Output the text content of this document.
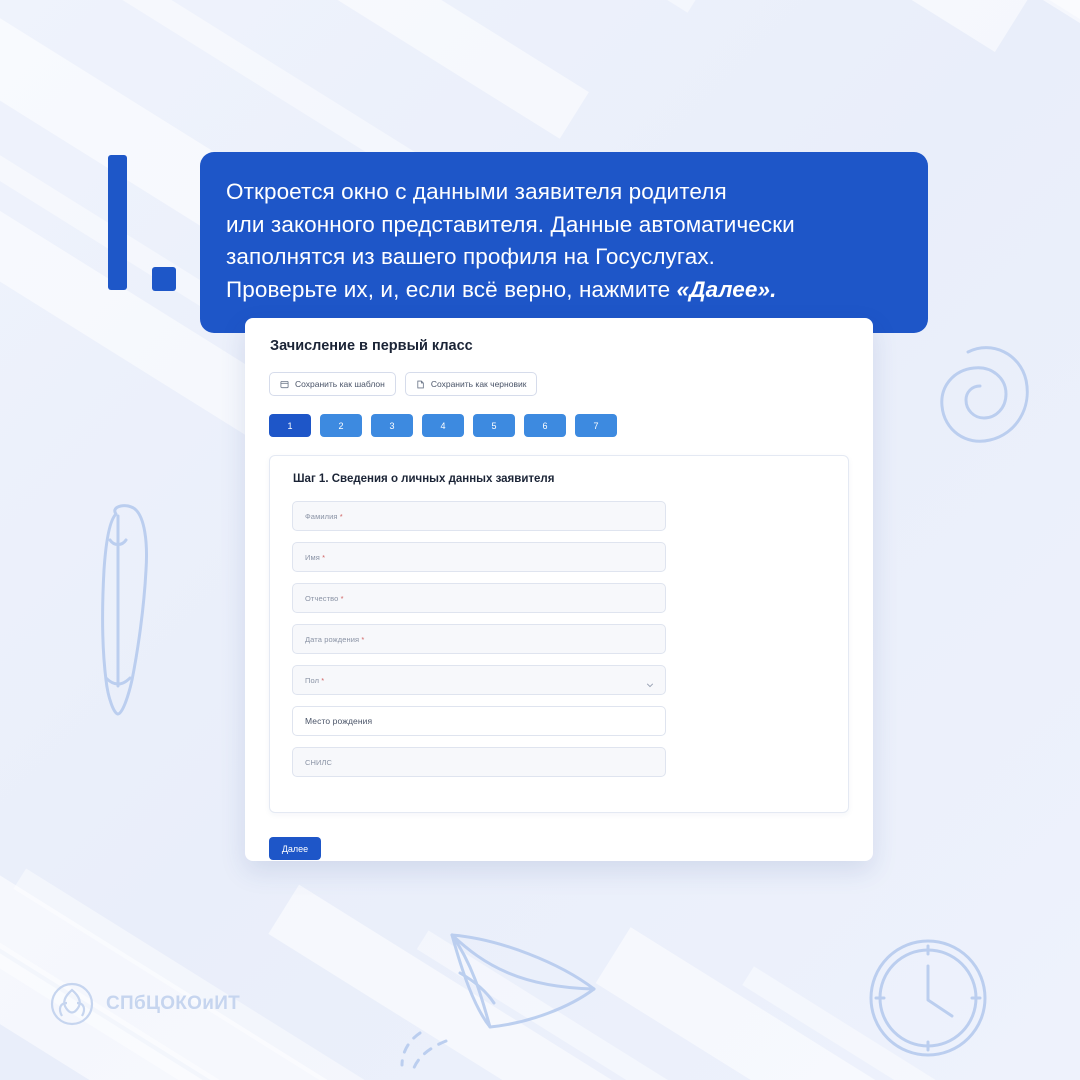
Откроется окно с данными заявителя родителя
или законного представителя. Данные автоматически
заполнятся из вашего профиля на Госуслугах.
Проверьте их, и, если всё верно, нажмите «Далее».
Зачисление в первый класс
Сохранить как шаблон	Сохранить как черновик
1	2	3	4	5	6	7
Шаг 1. Сведения о личных данных заявителя
Фамилия *
Имя *
Отчество *
Дата рождения *
Пол *
Место рождения
СНИЛС
Далее
СПбЦОКОиИТ
